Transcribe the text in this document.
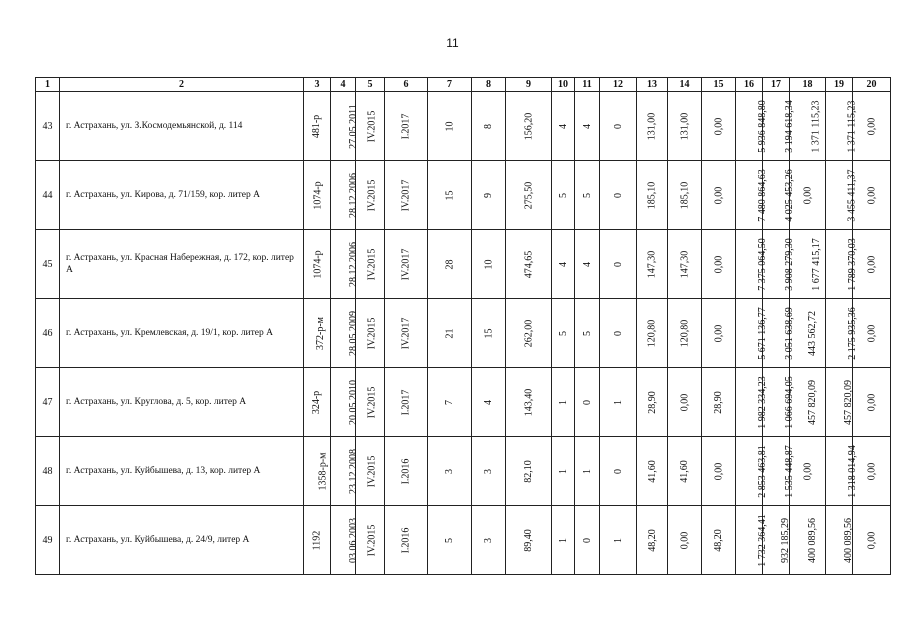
11
1	2	3	4	5	6	7	8	9	10	11	12	13	14	15	16	17	18	19	20
43	г. Астрахань, ул. З.Космодемьянской, д. 114	481-р	27.05.2011	IV.2015	I.2017	10	8	156,20	4	4	0	131,00	131,00	0,00	5 936 848,80	3 194 618,34	1 371 115,23	1 371 115,23	0,00
44	г. Астрахань, ул. Кирова, д. 71/159, кор. литер А	1074-р	28.12.2006	IV.2015	IV.2017	15	9	275,50	5	5	0	185,10	185,10	0,00	7 480 864,63	4 025 453,26	0,00	3 455 411,37	0,00
45	г. Астрахань, ул. Красная Набережная, д. 172, кор. литер А	1074-р	28.12.2006	IV.2015	IV.2017	28	10	474,65	4	4	0	147,30	147,30	0,00	7 375 064,50	3 908 279,30	1 677 415,17	1 789 370,03	0,00
46	г. Астрахань, ул. Кремлевская, д. 19/1, кор. литер А	372-р-м	28.05.2009	IV.2015	IV.2017	21	15	262,00	5	5	0	120,80	120,80	0,00	5 671 136,77	3 051 638,69	443 562,72	2 175 935,36	0,00
47	г. Астрахань, ул. Круглова, д. 5, кор. литер А	324-р	20.05.2010	IV.2015	I.2017	7	4	143,40	1	0	1	28,90	0,00	28,90	1 982 334,23	1 066 694,05	457 820,09	457 820,09	0,00
48	г. Астрахань, ул. Куйбышева, д. 13, кор. литер А	1358-р-м	23.12.2008	IV.2015	I.2016	3	3	82,10	1	1	0	41,60	41,60	0,00	2 853 463,81	1 535 448,87	0,00	1 318 014,94	0,00
49	г. Астрахань, ул. Куйбышева, д. 24/9, литер А	1192	03.06.2003	IV.2015	I.2016	5	3	89,40	1	0	1	48,20	0,00	48,20	1 732 364,41	932 185,29	400 089,56	400 089,56	0,00
